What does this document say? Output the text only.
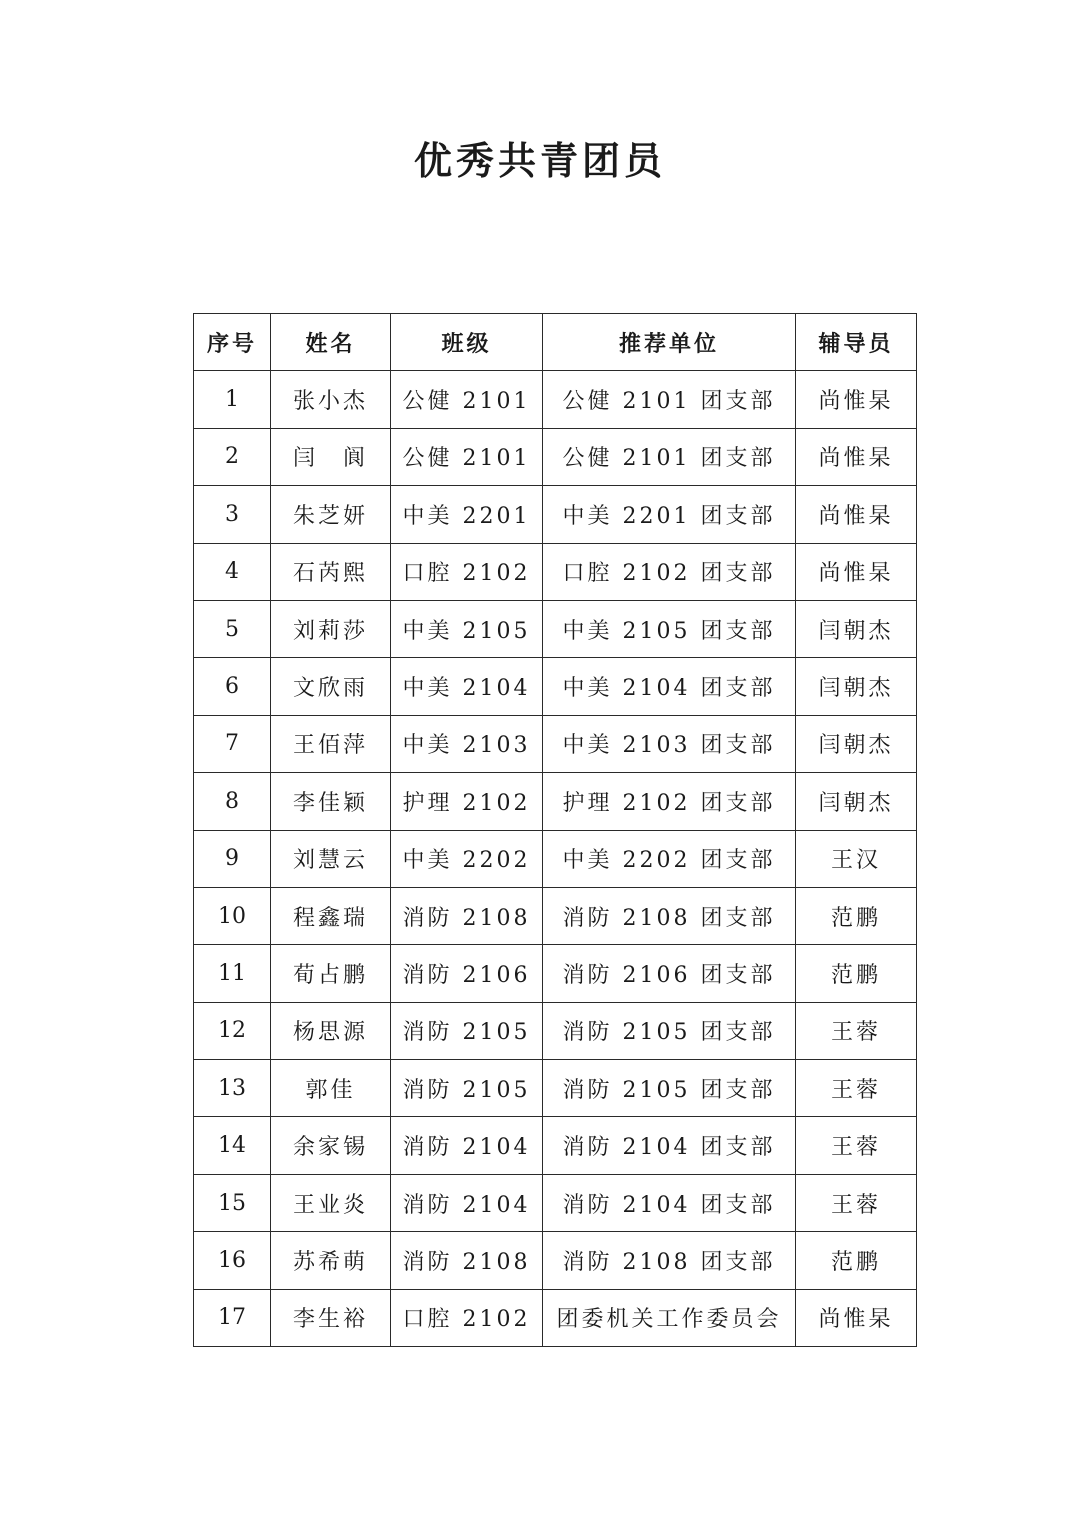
优秀共青团员
序号	姓名	班级	推荐单位	辅导员
1	张小杰	公健 2101	公健 2101 团支部	尚惟杲
2	闫　阆	公健 2101	公健 2101 团支部	尚惟杲
3	朱芝妍	中美 2201	中美 2201 团支部	尚惟杲
4	石芮熙	口腔 2102	口腔 2102 团支部	尚惟杲
5	刘莉莎	中美 2105	中美 2105 团支部	闫朝杰
6	文欣雨	中美 2104	中美 2104 团支部	闫朝杰
7	王佰萍	中美 2103	中美 2103 团支部	闫朝杰
8	李佳颖	护理 2102	护理 2102 团支部	闫朝杰
9	刘慧云	中美 2202	中美 2202 团支部	王汉
10	程鑫瑞	消防 2108	消防 2108 团支部	范鹏
11	荀占鹏	消防 2106	消防 2106 团支部	范鹏
12	杨思源	消防 2105	消防 2105 团支部	王蓉
13	郭佳	消防 2105	消防 2105 团支部	王蓉
14	余家锡	消防 2104	消防 2104 团支部	王蓉
15	王业炎	消防 2104	消防 2104 团支部	王蓉
16	苏希萌	消防 2108	消防 2108 团支部	范鹏
17	李生裕	口腔 2102	团委机关工作委员会	尚惟杲
